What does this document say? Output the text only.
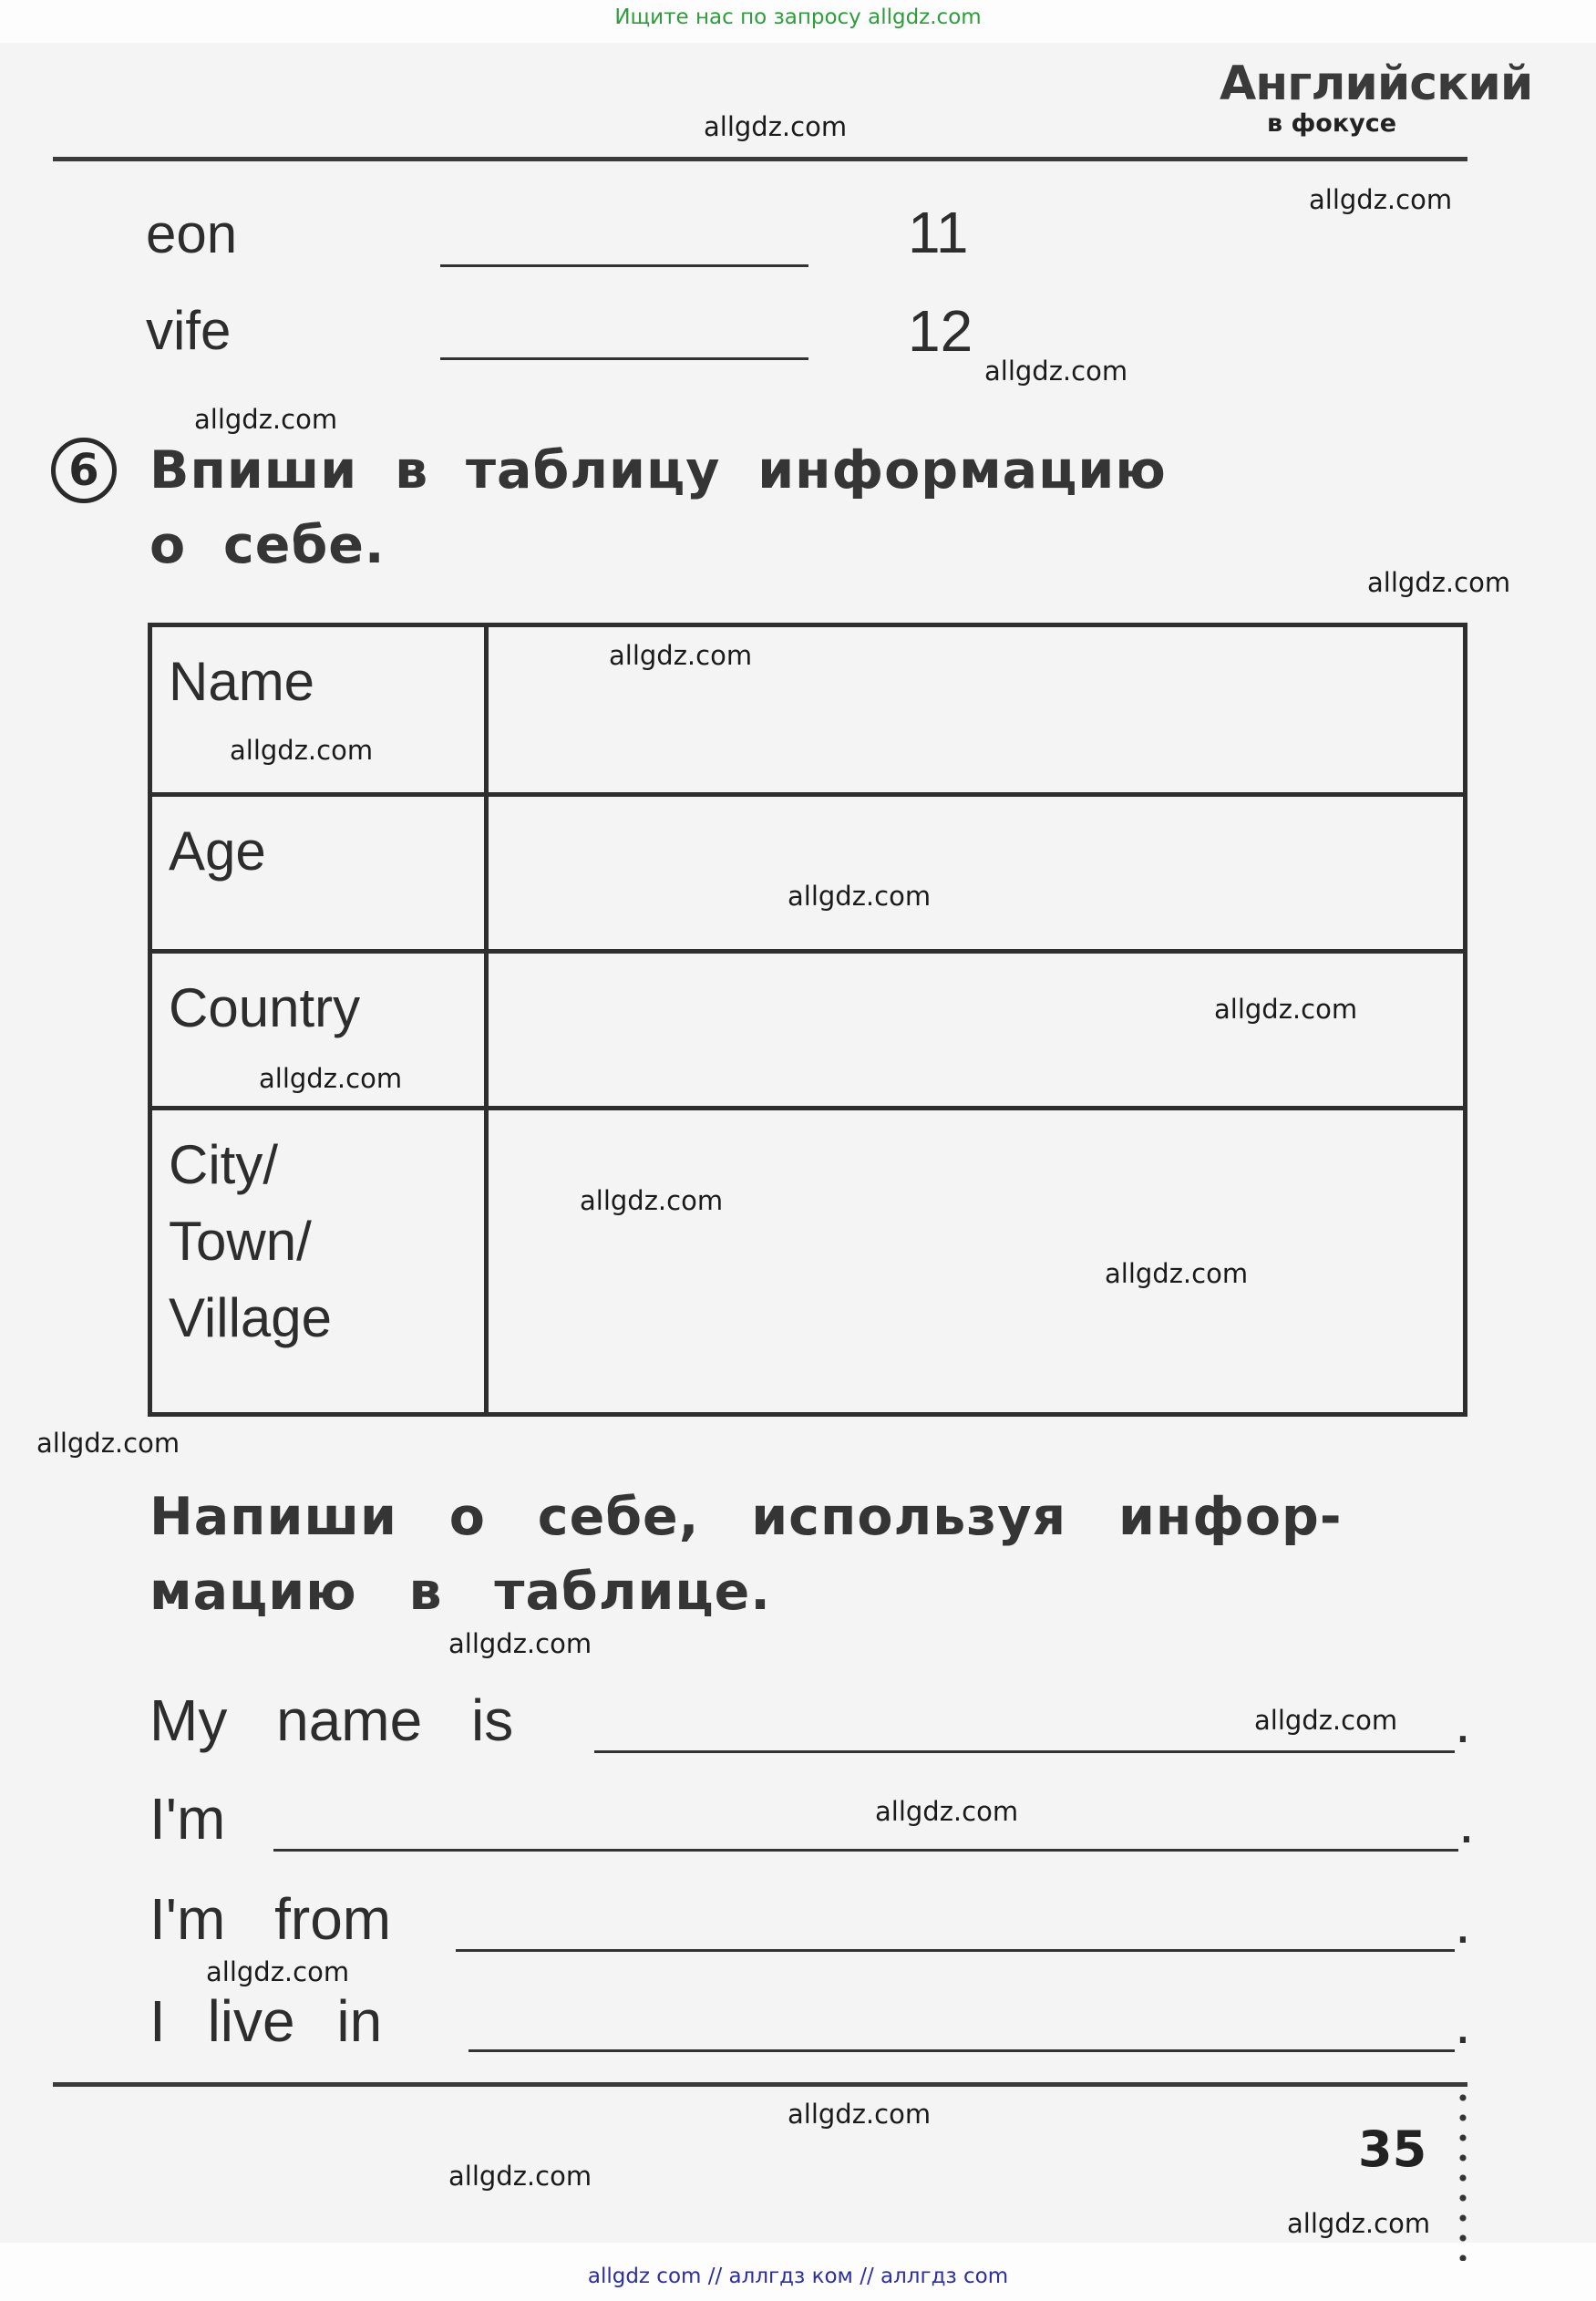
Ищите нас по запросу allgdz.com
Английский
в фокусе
eon	11
vife	12
6 Впиши в таблицу информацию
о себе.
Name	
Age	
Country	
City/
Town/
Village	
Напиши о себе, используя инфор-
мацию в таблице.
My name is	.
I'm	.
I'm from	.
I live in	.
35
allgdz.com
allgdz.com
allgdz.com
allgdz.com
allgdz.com
allgdz.com
allgdz.com
allgdz.com
allgdz.com
allgdz.com
allgdz.com
allgdz.com
allgdz.com
allgdz.com
allgdz.com
allgdz.com
allgdz.com
allgdz.com
allgdz.com
allgdz.com
allgdz com // аллгдз ком // аллгдз com
